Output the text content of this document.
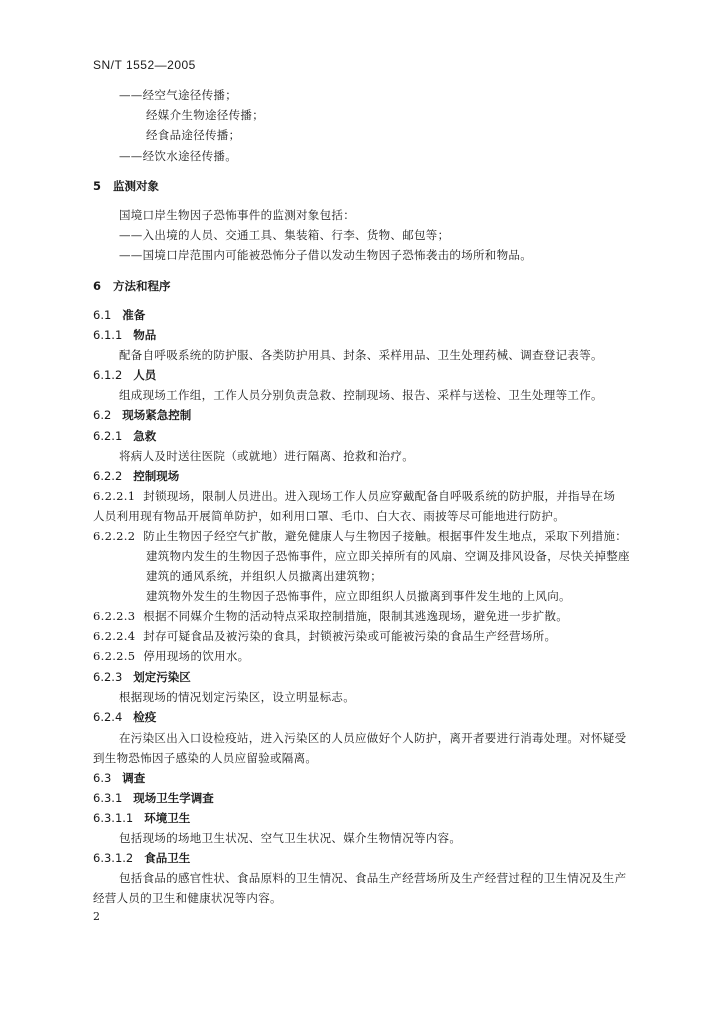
SN/T 1552—2005
——经空气途径传播；
经媒介生物途径传播；
经食品途径传播；
——经饮水途径传播。
5 监测对象
国境口岸生物因子恐怖事件的监测对象包括：
——入出境的人员、交通工具、集装箱、行李、货物、邮包等；
——国境口岸范围内可能被恐怖分子借以发动生物因子恐怖袭击的场所和物品。
6 方法和程序
6.1 准备
6.1.1 物品
配备自呼吸系统的防护服、各类防护用具、封条、采样用品、卫生处理药械、调查登记表等。
6.1.2 人员
组成现场工作组，工作人员分别负责急救、控制现场、报告、采样与送检、卫生处理等工作。
6.2 现场紧急控制
6.2.1 急救
将病人及时送往医院（或就地）进行隔离、抢救和治疗。
6.2.2 控制现场
6.2.2.1 封锁现场，限制人员进出。进入现场工作人员应穿戴配备自呼吸系统的防护服，并指导在场
人员利用现有物品开展简单防护，如利用口罩、毛巾、白大衣、雨披等尽可能地进行防护。
6.2.2.2 防止生物因子经空气扩散，避免健康人与生物因子接触。根据事件发生地点，采取下列措施：
建筑物内发生的生物因子恐怖事件，应立即关掉所有的风扇、空调及排风设备，尽快关掉整座
建筑的通风系统，并组织人员撤离出建筑物；
建筑物外发生的生物因子恐怖事件，应立即组织人员撤离到事件发生地的上风向。
6.2.2.3 根据不同媒介生物的活动特点采取控制措施，限制其逃逸现场，避免进一步扩散。
6.2.2.4 封存可疑食品及被污染的食具，封锁被污染或可能被污染的食品生产经营场所。
6.2.2.5 停用现场的饮用水。
6.2.3 划定污染区
根据现场的情况划定污染区，设立明显标志。
6.2.4 检疫
在污染区出入口设检疫站，进入污染区的人员应做好个人防护，离开者要进行消毒处理。对怀疑受
到生物恐怖因子感染的人员应留验或隔离。
6.3 调查
6.3.1 现场卫生学调查
6.3.1.1 环境卫生
包括现场的场地卫生状况、空气卫生状况、媒介生物情况等内容。
6.3.1.2 食品卫生
包括食品的感官性状、食品原料的卫生情况、食品生产经营场所及生产经营过程的卫生情况及生产
经营人员的卫生和健康状况等内容。
2
